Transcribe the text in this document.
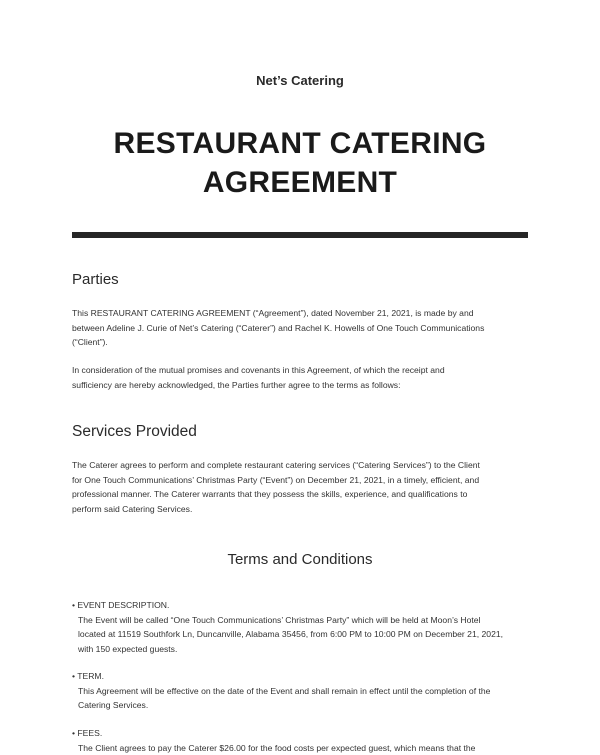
Net’s Catering
RESTAURANT CATERING
AGREEMENT
Parties
This RESTAURANT CATERING AGREEMENT (“Agreement”), dated November 21, 2021, is made by and
between Adeline J. Curie of Net’s Catering (“Caterer”) and Rachel K. Howells of One Touch Communications
(“Client”).
In consideration of the mutual promises and covenants in this Agreement, of which the receipt and
sufficiency are hereby acknowledged, the Parties further agree to the terms as follows:
Services Provided
The Caterer agrees to perform and complete restaurant catering services (“Catering Services”) to the Client
for One Touch Communications’ Christmas Party (“Event”) on December 21, 2021, in a timely, efficient, and
professional manner. The Caterer warrants that they possess the skills, experience, and qualifications to
perform said Catering Services.
Terms and Conditions
• EVENT DESCRIPTION.
The Event will be called “One Touch Communications’ Christmas Party” which will be held at Moon’s Hotel
located at 11519 Southfork Ln, Duncanville, Alabama 35456, from 6:00 PM to 10:00 PM on December 21, 2021,
with 150 expected guests.
• TERM.
This Agreement will be effective on the date of the Event and shall remain in effect until the completion of the
Catering Services.
• FEES.
The Client agrees to pay the Caterer $26.00 for the food costs per expected guest, which means that the
